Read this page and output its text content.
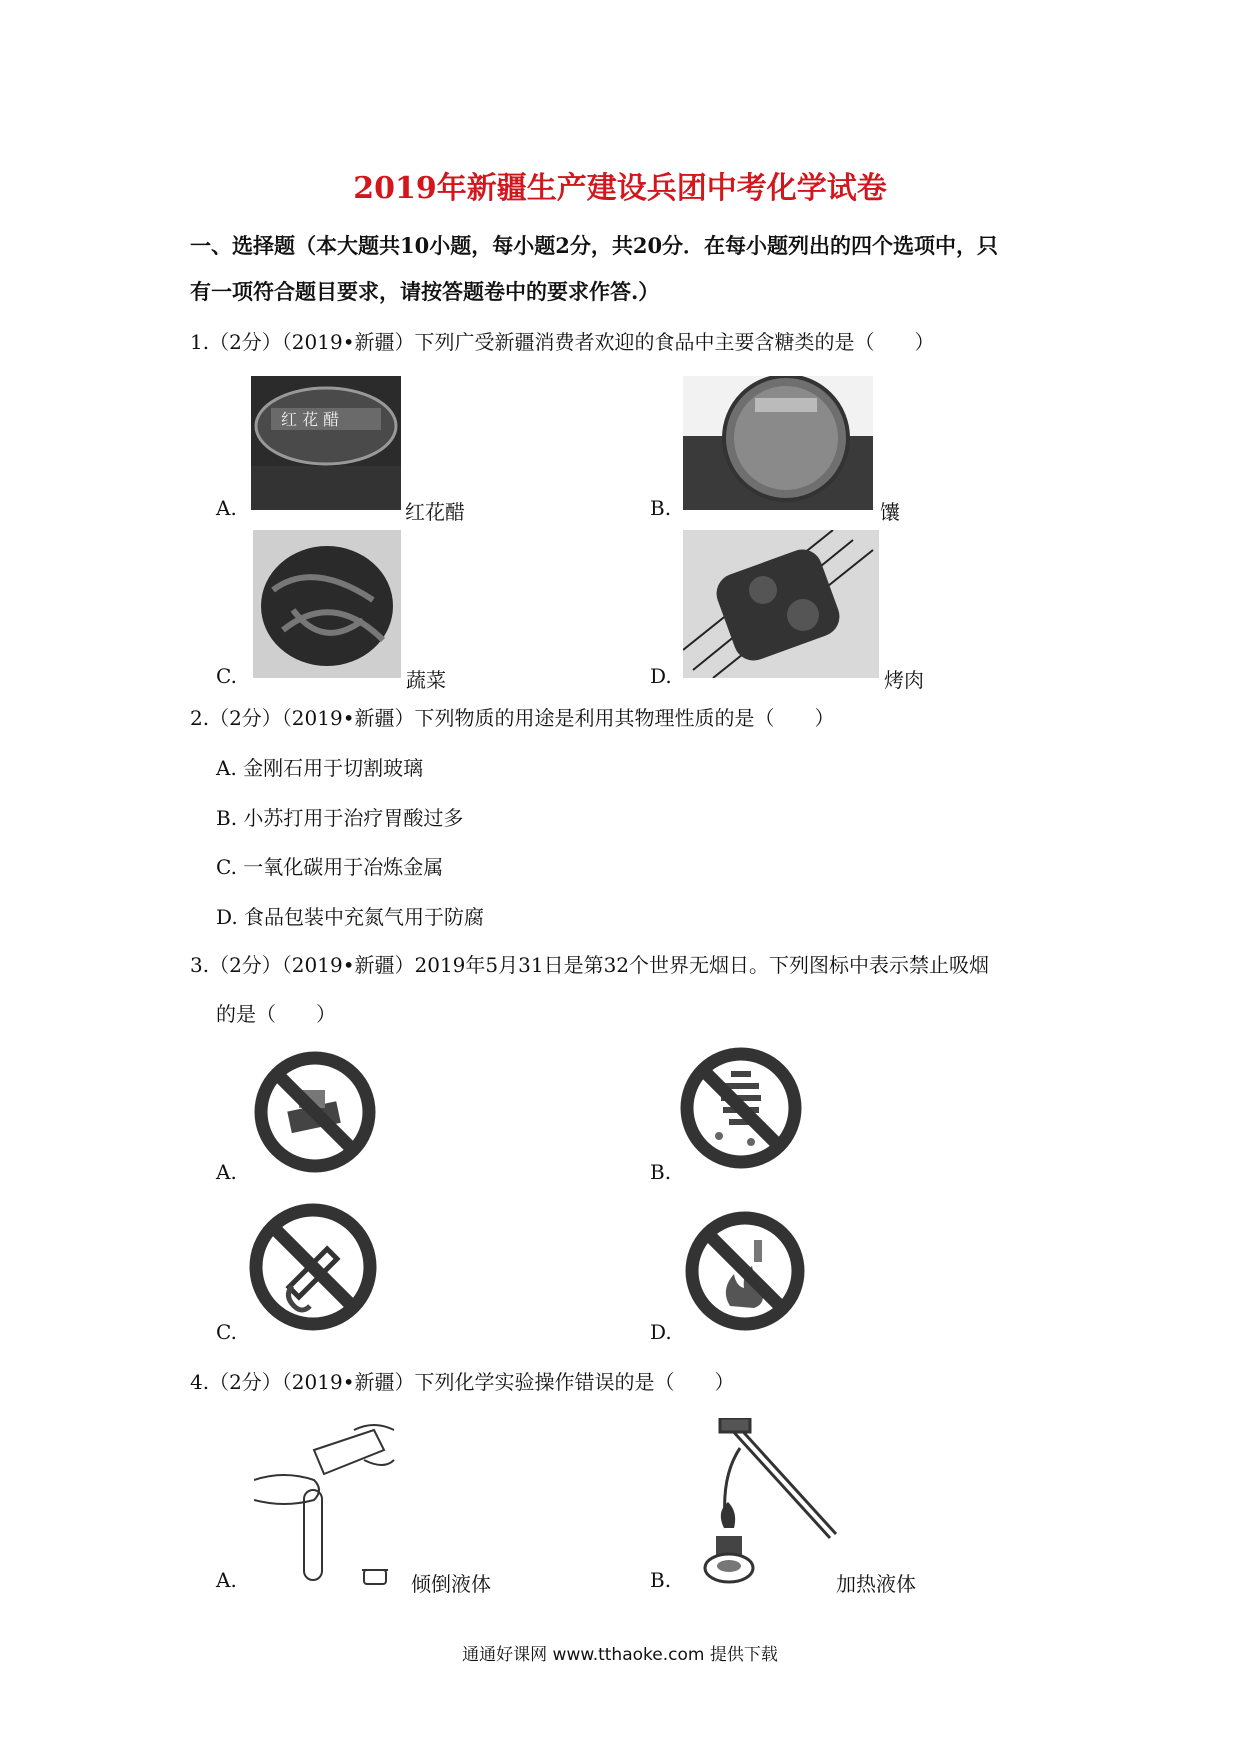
2019年新疆生产建设兵团中考化学试卷
一、选择题（本大题共10小题，每小题2分，共20分．在每小题列出的四个选项中，只
有一项符合题目要求，请按答题卷中的要求作答.）
1.（2分）（2019•新疆）下列广受新疆消费者欢迎的食品中主要含糖类的是（　　）
A.
红 花 醋
红花醋	B.	馕
C.	蔬菜	D.	烤肉
2.（2分）（2019•新疆）下列物质的用途是利用其物理性质的是（　　）
A. 金刚石用于切割玻璃
B. 小苏打用于治疗胃酸过多
C. 一氧化碳用于冶炼金属
D. 食品包装中充氮气用于防腐
3.（2分）（2019•新疆）2019年5月31日是第32个世界无烟日。下列图标中表示禁止吸烟
的是（　　）
A.	B.
C.	D.
4.（2分）（2019•新疆）下列化学实验操作错误的是（　　）
A.	倾倒液体	B.	加热液体
通通好课网 www.tthaoke.com 提供下载
